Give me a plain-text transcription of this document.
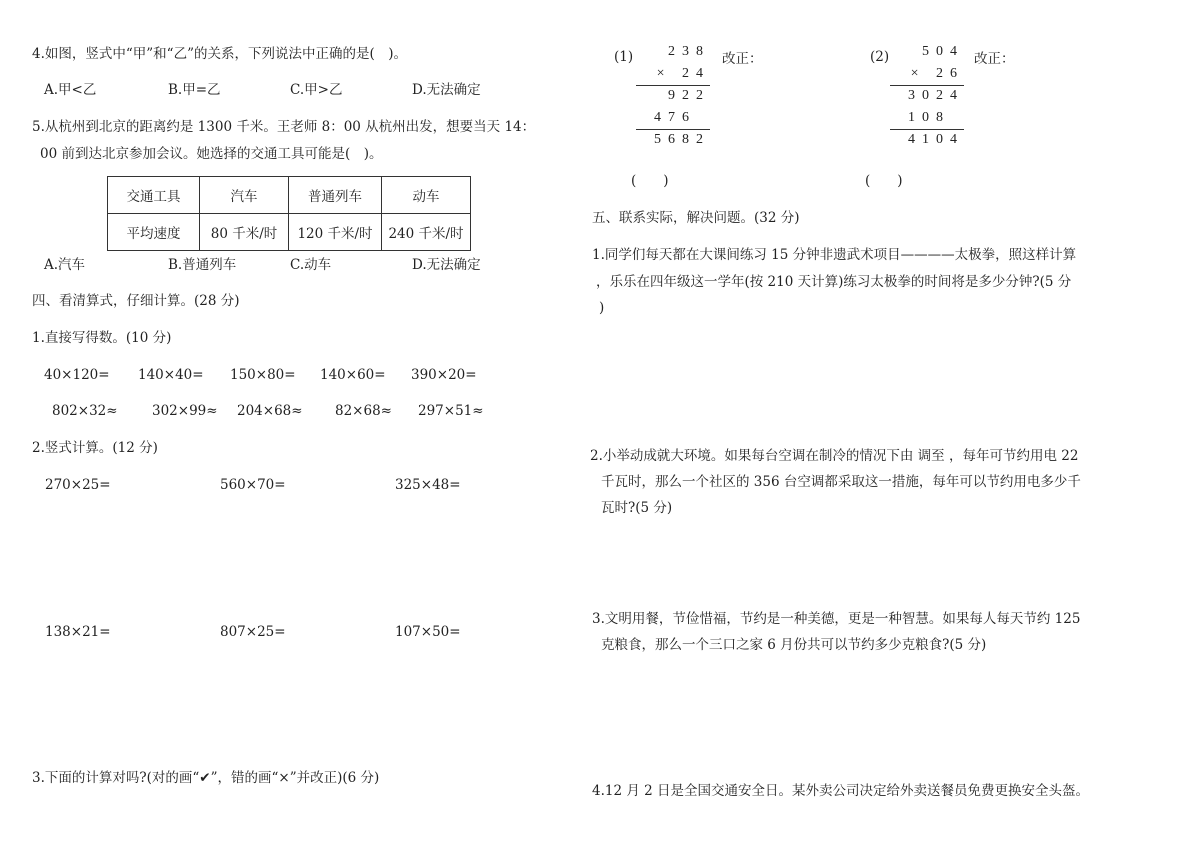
4.如图，竖式中“甲”和“乙”的关系，下列说法中正确的是(　)。
A.甲<乙	B.甲=乙	C.甲>乙	D.无法确定
5.从杭州到北京的距离约是 1300 千米。王老师 8：00 从杭州出发，想要当天 14：
00 前到达北京参加会议。她选择的交通工具可能是(　)。
交通工具	汽车	普通列车	动车
平均速度	80 千米/时	120 千米/时	240 千米/时
A.汽车	B.普通列车	C.动车	D.无法确定
四、看清算式，仔细计算。(28 分)
1.直接写得数。(10 分)
40×120= 140×40= 150×80= 140×60= 390×20=
802×32≈	302×99≈ 204×68≈ 82×68≈ 297×51≈
2.竖式计算。(12 分)
270×25=	560×70=	325×48=
138×21=	807×25=	107×50=
3.下面的计算对吗?(对的画“✔”，错的画“×”并改正)(6 分)
(1) 238
× 24
922
476
5682
改正：
(　　)
(2) 504
× 26
3024
108
4104
改正：
(　　)
五、联系实际，解决问题。(32 分)
1.同学们每天都在大课间练习 15 分钟非遗武术项目————太极拳，照这样计算
，乐乐在四年级这一学年(按 210 天计算)练习太极拳的时间将是多少分钟?(5 分
)
2.小举动成就大环境。如果每台空调在制冷的情况下由 调至 ，每年可节约用电 22
千瓦时，那么一个社区的 356 台空调都采取这一措施，每年可以节约用电多少千
瓦时?(5 分)
3.文明用餐，节俭惜福，节约是一种美德，更是一种智慧。如果每人每天节约 125
克粮食，那么一个三口之家 6 月份共可以节约多少克粮食?(5 分)
4.12 月 2 日是全国交通安全日。某外卖公司决定给外卖送餐员免费更换安全头盔。
